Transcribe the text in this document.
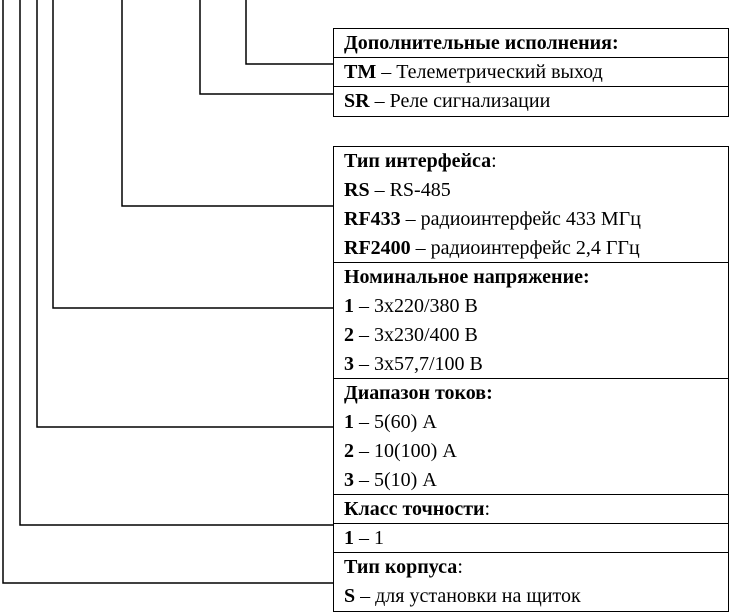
Дополнительные исполнения:
TM – Телеметрический выход
SR – Реле сигнализации
Тип интерфейса:
RS – RS-485
RF433 – радиоинтерфейс 433 МГц
RF2400 – радиоинтерфейс 2,4 ГГц
Номинальное напряжение:
1 – 3х220/380 В
2 – 3х230/400 В
3 – 3х57,7/100 В
Диапазон токов:
1 – 5(60) А
2 – 10(100) А
3 – 5(10) А
Класс точности:
1 – 1
Тип корпуса:
S – для установки на щиток
